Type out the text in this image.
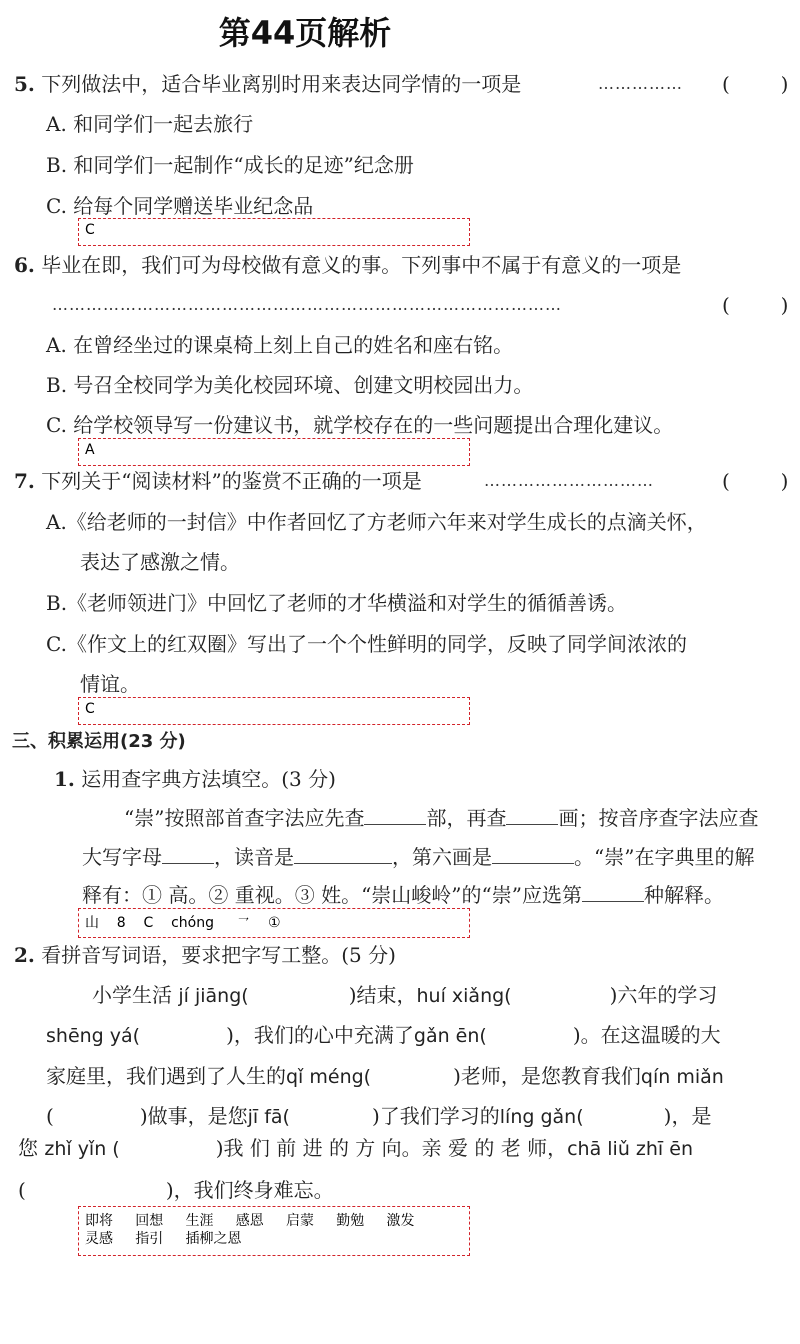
第44页解析
5. 下列做法中，适合毕业离别时用来表达同学情的一项是	…………… (        )
A. 和同学们一起去旅行
B. 和同学们一起制作“成长的足迹”纪念册
C. 给每个同学赠送毕业纪念品
C
6. 毕业在即，我们可为母校做有意义的事。下列事中不属于有意义的一项是
………………………………………………………………………………	(        )
A. 在曾经坐过的课桌椅上刻上自己的姓名和座右铭。
B. 号召全校同学为美化校园环境、创建文明校园出力。
C. 给学校领导写一份建议书，就学校存在的一些问题提出合理化建议。
A
7. 下列关于“阅读材料”的鉴赏不正确的一项是	…………………………	(        )
A.《给老师的一封信》中作者回忆了方老师六年来对学生成长的点滴关怀，
表达了感激之情。
B.《老师领进门》中回忆了老师的才华横溢和对学生的循循善诱。
C.《作文上的红双圈》写出了一个个性鲜明的同学，反映了同学间浓浓的
情谊。
C
三、积累运用(23 分)
1. 运用查字典方法填空。(3 分)
“崇”按照部首查字法应先查	部，再查	画；按音序查字法应查
大写字母	，读音是	，第六画是	。“崇”在字典里的解
释有：① 高。② 重视。③ 姓。“崇山峻岭”的“崇”应选第	种解释。
山    8    C    chóng     ㇖    ①
2. 看拼音写词语，要求把字写工整。(5 分)
小学生活 jí jiāng(	)结束，huí xiǎng(	)六年的学习
shēng yá(	)，我们的心中充满了gǎn ēn(	)。在这温暖的大
家庭里，我们遇到了人生的qǐ méng(	)老师，是您教育我们qín miǎn
(	)做事，是您jī fā(	)了我们学习的líng gǎn(	)，是
您 zhǐ yǐn (	)我 们 前 进 的 方 向。亲 爱 的 老 师，chā liǔ zhī ēn
(	)，我们终身难忘。
即将     回想     生涯     感恩     启蒙     勤勉     激发
灵感     指引     插柳之恩
